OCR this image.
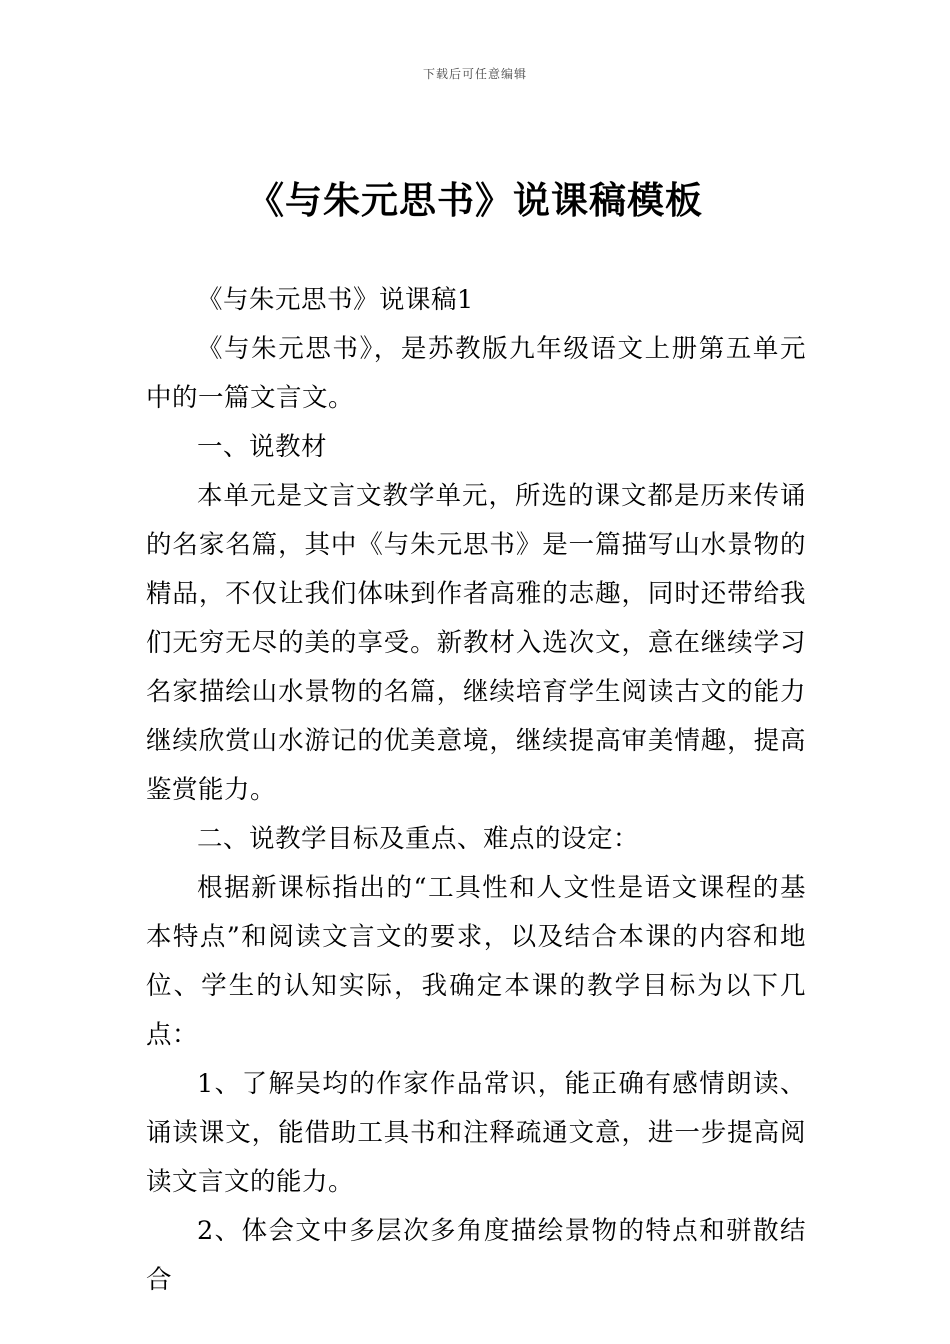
下载后可任意编辑
《与朱元思书》说课稿模板

《与朱元思书》说课稿1

《与朱元思书》，是苏教版九年级语文上册第五单元中的一篇文言文。

一、说教材

本单元是文言文教学单元，所选的课文都是历来传诵的名家名篇，其中《与朱元思书》是一篇描写山水景物的精品，不仅让我们体味到作者高雅的志趣，同时还带给我们无穷无尽的美的享受。新教材入选次文，意在继续学习名家描绘山水景物的名篇，继续培育学生阅读古文的能力继续欣赏山水游记的优美意境，继续提高审美情趣，提高鉴赏能力。

二、说教学目标及重点、难点的设定：

根据新课标指出的“工具性和人文性是语文课程的基本特点”和阅读文言文的要求，以及结合本课的内容和地位、学生的认知实际，我确定本课的教学目标为以下几点：

1、了解吴均的作家作品常识，能正确有感情朗读、诵读课文，能借助工具书和注释疏通文意，进一步提高阅读文言文的能力。

2、体会文中多层次多角度描绘景物的特点和骈散结合
